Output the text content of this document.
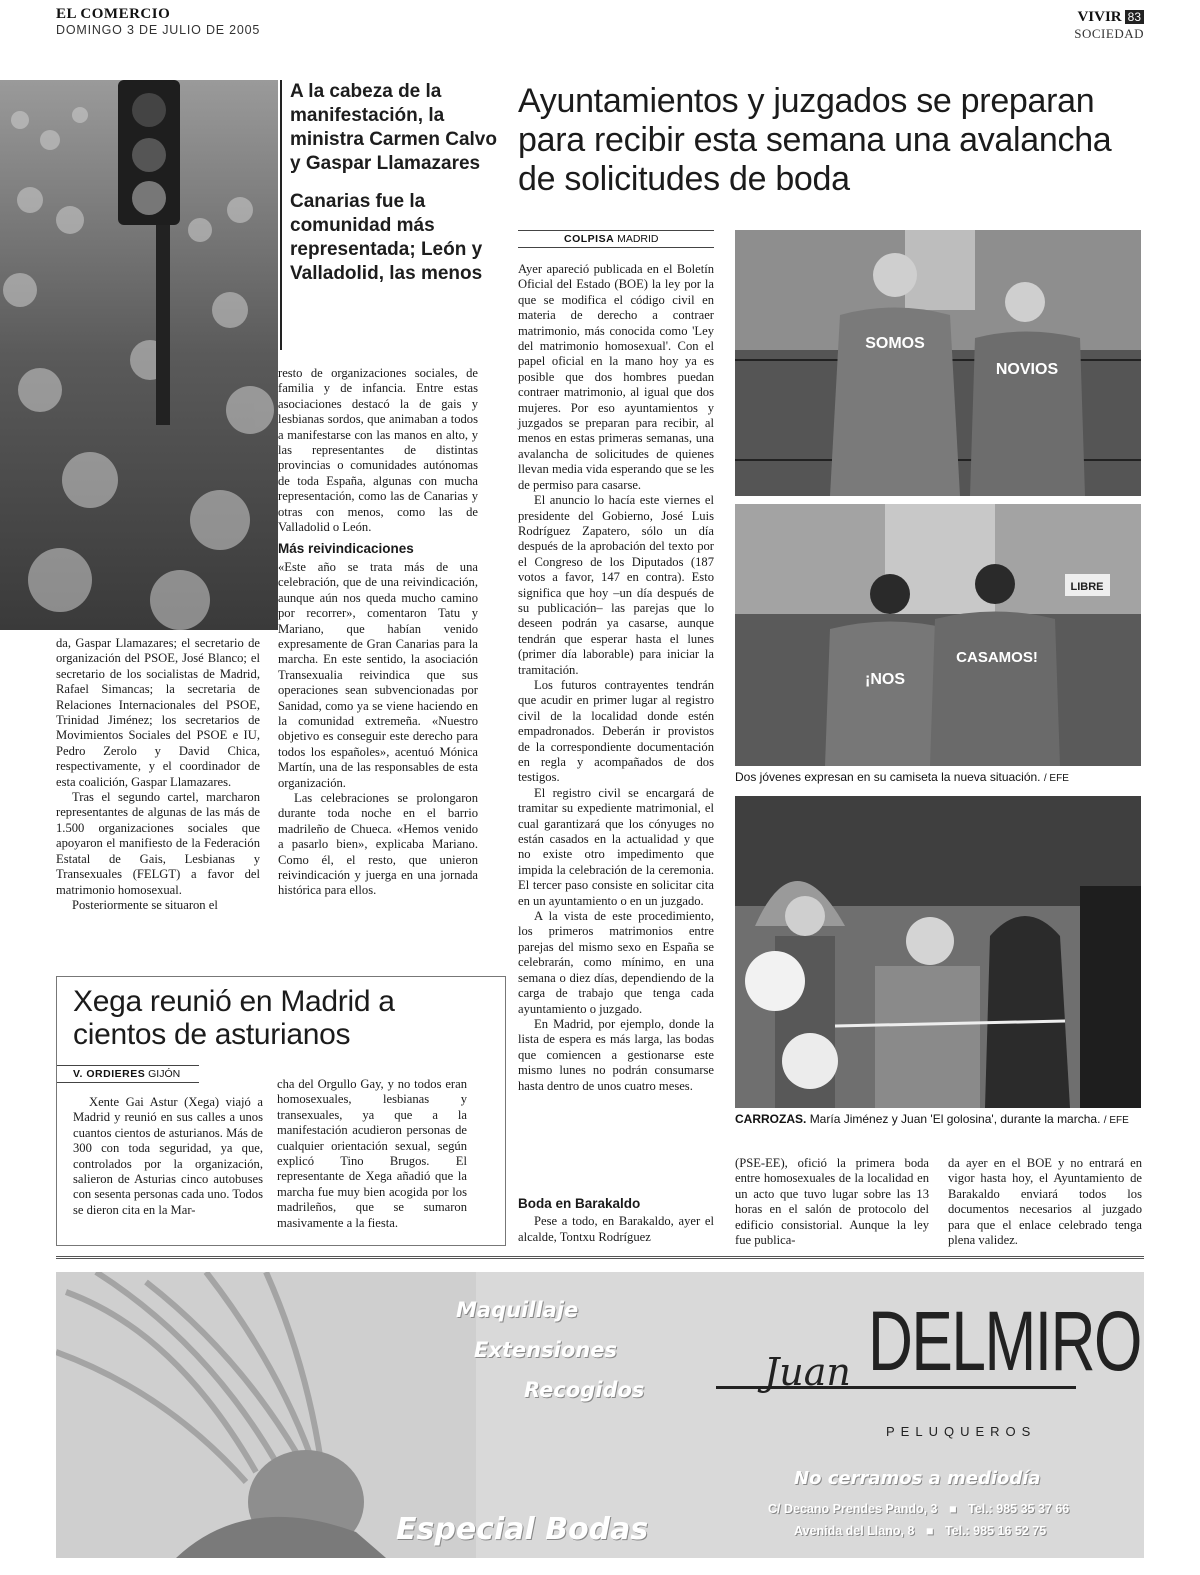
EL COMERCIO
DOMINGO 3 DE JULIO DE 2005
VIVIR 83
SOCIEDAD

A la cabeza de la manifestación, la ministra Carmen Calvo y Gaspar Llamazares

Canarias fue la comunidad más representada; León y Valladolid, las menos

da, Gaspar Llamazares; el secretario de organización del PSOE, José Blanco; el secretario de los socialistas de Madrid, Rafael Simancas; la secretaria de Relaciones Internacionales del PSOE, Trinidad Jiménez; los secretarios de Movimientos Sociales del PSOE e IU, Pedro Zerolo y David Chica, respectivamente, y el coordinador de esta coalición, Gaspar Llamazares.

Tras el segundo cartel, marcharon representantes de algunas de las más de 1.500 organizaciones sociales que apoyaron el manifiesto de la Federación Estatal de Gais, Lesbianas y Transexuales (FELGT) a favor del matrimonio homosexual.

Posteriormente se situaron el

resto de organizaciones sociales, de familia y de infancia. Entre estas asociaciones destacó la de gais y lesbianas sordos, que animaban a todos a manifestarse con las manos en alto, y las representantes de distintas provincias o comunidades autónomas de toda España, algunas con mucha representación, como las de Canarias y otras con menos, como las de Valladolid o León.

Más reivindicaciones

«Este año se trata más de una celebración, que de una reivindicación, aunque aún nos queda mucho camino por recorrer», comentaron Tatu y Mariano, que habían venido expresamente de Gran Canarias para la marcha. En este sentido, la asociación Transexualia reivindica que sus operaciones sean subvencionadas por Sanidad, como ya se viene haciendo en la comunidad extremeña. «Nuestro objetivo es conseguir este derecho para todos los españoles», acentuó Mónica Martín, una de las responsables de esta organización.

Las celebraciones se prolongaron durante toda noche en el barrio madrileño de Chueca. «Hemos venido a pasarlo bien», explicaba Mariano. Como él, el resto, que unieron reivindicación y juerga en una jornada histórica para ellos.

Ayuntamientos y juzgados se preparan para recibir esta semana una avalancha de solicitudes de boda
COLPISA MADRID

Ayer apareció publicada en el Boletín Oficial del Estado (BOE) la ley por la que se modifica el código civil en materia de derecho a contraer matrimonio, más conocida como 'Ley del matrimonio homosexual'. Con el papel oficial en la mano hoy ya es posible que dos hombres puedan contraer matrimonio, al igual que dos mujeres. Por eso ayuntamientos y juzgados se preparan para recibir, al menos en estas primeras semanas, una avalancha de solicitudes de quienes llevan media vida esperando que se les de permiso para casarse.

El anuncio lo hacía este viernes el presidente del Gobierno, José Luis Rodríguez Zapatero, sólo un día después de la aprobación del texto por el Congreso de los Diputados (187 votos a favor, 147 en contra). Esto significa que hoy –un día después de su publicación– las parejas que lo deseen podrán ya casarse, aunque tendrán que esperar hasta el lunes (primer día laborable) para iniciar la tramitación.

Los futuros contrayentes tendrán que acudir en primer lugar al registro civil de la localidad donde estén empadronados. Deberán ir provistos de la correspondiente documentación en regla y acompañados de dos testigos.

El registro civil se encargará de tramitar su expediente matrimonial, el cual garantizará que los cónyuges no están casados en la actualidad y que no existe otro impedimento que impida la celebración de la ceremonia. El tercer paso consiste en solicitar cita en un ayuntamiento o en un juzgado.

A la vista de este procedimiento, los primeros matrimonios entre parejas del mismo sexo en España se celebrarán, como mínimo, en una semana o diez días, dependiendo de la carga de trabajo que tenga cada ayuntamiento o juzgado.

En Madrid, por ejemplo, donde la lista de espera es más larga, las bodas que comiencen a gestionarse este mismo lunes no podrán consumarse hasta dentro de unos cuatro meses.

SOMOS
NOVIOS
LIBRE
¡NOS
CASAMOS!
Dos jóvenes expresan en su camiseta la nueva situación. / EFE
CARROZAS. María Jiménez y Juan 'El golosina', durante la marcha. / EFE
Xega reunió en Madrid a cientos de asturianos
V. ORDIERES GIJÓN

Xente Gai Astur (Xega) viajó a Madrid y reunió en sus calles a unos cuantos cientos de asturianos. Más de 300 con toda seguridad, ya que, controlados por la organización, salieron de Asturias cinco autobuses con sesenta personas cada uno. Todos se dieron cita en la Mar-

cha del Orgullo Gay, y no todos eran homosexuales, lesbianas y transexuales, ya que a la manifestación acudieron personas de cualquier orientación sexual, según explicó Tino Brugos. El representante de Xega añadió que la marcha fue muy bien acogida por los madrileños, que se sumaron masivamente a la fiesta.

Boda en Barakaldo

Pese a todo, en Barakaldo, ayer el alcalde, Tontxu Rodríguez

(PSE-EE), ofició la primera boda entre homosexuales de la localidad en un acto que tuvo lugar sobre las 13 horas en el salón de protocolo del edificio consistorial. Aunque la ley fue publica-

da ayer en el BOE y no entrará en vigor hasta hoy, el Ayuntamiento de Barakaldo enviará todos los documentos necesarios al juzgado para que el enlace celebrado tenga plena validez.

Maquillaje
Extensiones
Recogidos	Juan DELMIRO
PELUQUEROS
No cerramos a mediodía
C/ Decano Prendes Pando, 3 ■ Tel.: 985 35 37 66
Avenida del Llano, 8 ■ Tel.: 985 16 52 75
Especial Bodas
